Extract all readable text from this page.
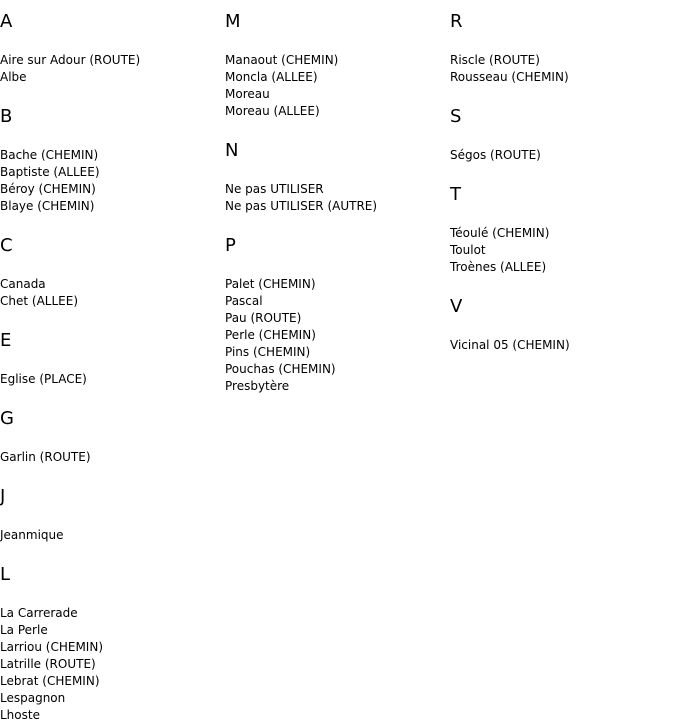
A
Aire sur Adour (ROUTE)
Albe
B
Bache (CHEMIN)
Baptiste (ALLEE)
Béroy (CHEMIN)
Blaye (CHEMIN)
C
Canada
Chet (ALLEE)
E
Eglise (PLACE)
G
Garlin (ROUTE)
J
Jeanmique
L
La Carrerade
La Perle
Larriou (CHEMIN)
Latrille (ROUTE)
Lebrat (CHEMIN)
Lespagnon
Lhoste
M
Manaout (CHEMIN)
Moncla (ALLEE)
Moreau
Moreau (ALLEE)
N
Ne pas UTILISER
Ne pas UTILISER (AUTRE)
P
Palet (CHEMIN)
Pascal
Pau (ROUTE)
Perle (CHEMIN)
Pins (CHEMIN)
Pouchas (CHEMIN)
Presbytère
R
Riscle (ROUTE)
Rousseau (CHEMIN)
S
Ségos (ROUTE)
T
Téoulé (CHEMIN)
Toulot
Troènes (ALLEE)
V
Vicinal 05 (CHEMIN)
